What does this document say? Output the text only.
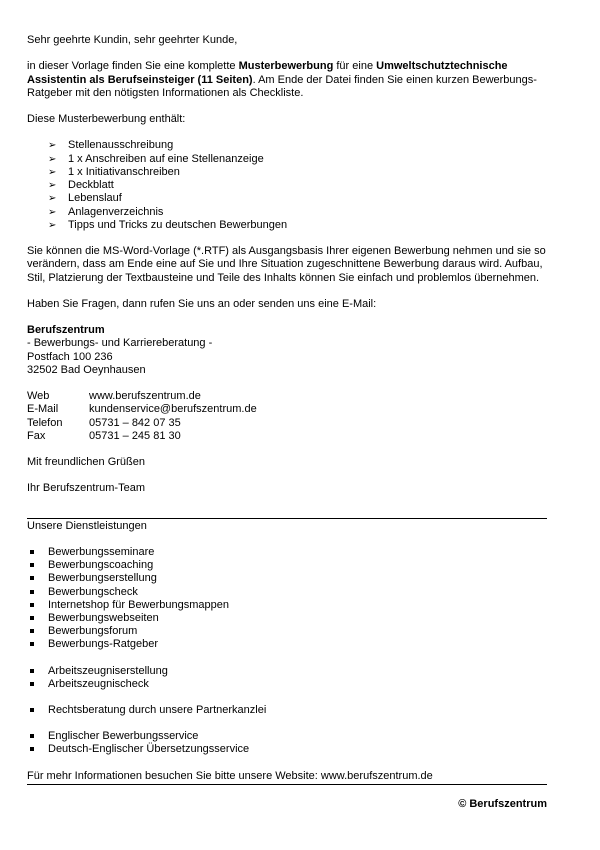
Sehr geehrte Kundin, sehr geehrter Kunde,

in dieser Vorlage finden Sie eine komplette Musterbewerbung für eine Umweltschutztechnische Assistentin als Berufseinsteiger (11 Seiten). Am Ende der Datei finden Sie einen kurzen Bewerbungs-Ratgeber mit den nötigsten Informationen als Checkliste.

Diese Musterbewerbung enthält:

➢ Stellenausschreibung
➢ 1 x Anschreiben auf eine Stellenanzeige
➢ 1 x Initiativanschreiben
➢ Deckblatt
➢ Lebenslauf
➢ Anlagenverzeichnis
➢ Tipps und Tricks zu deutschen Bewerbungen

Sie können die MS-Word-Vorlage (*.RTF) als Ausgangsbasis Ihrer eigenen Bewerbung nehmen und sie so verändern, dass am Ende eine auf Sie und Ihre Situation zugeschnittene Bewerbung daraus wird. Aufbau, Stil, Platzierung der Textbausteine und Teile des Inhalts können Sie einfach und problemlos übernehmen.

Haben Sie Fragen, dann rufen Sie uns an oder senden uns eine E-Mail:

Berufszentrum

- Bewerbungs- und Karriereberatung -

Postfach 100 236

32502 Bad Oeynhausen

Web	www.berufszentrum.de
E-Mail	kundenservice@berufszentrum.de
Telefon	05731 – 842 07 35
Fax	05731 – 245 81 30

Mit freundlichen Grüßen

Ihr Berufszentrum-Team

Unsere Dienstleistungen

Bewerbungsseminare
Bewerbungscoaching
Bewerbungserstellung
Bewerbungscheck
Internetshop für Bewerbungsmappen
Bewerbungswebseiten
Bewerbungsforum
Bewerbungs-Ratgeber
Arbeitszeugniserstellung
Arbeitszeugnischeck
Rechtsberatung durch unsere Partnerkanzlei
Englischer Bewerbungsservice
Deutsch-Englischer Übersetzungsservice

Für mehr Informationen besuchen Sie bitte unsere Website: www.berufszentrum.de

© Berufszentrum
